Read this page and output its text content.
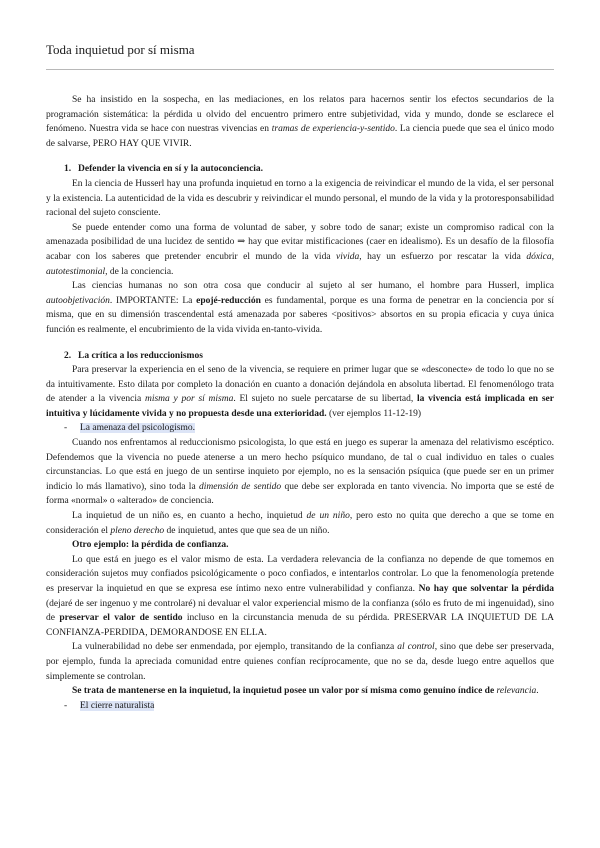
Toda inquietud por sí misma

Se ha insistido en la sospecha, en las mediaciones, en los relatos para hacernos sentir los efectos secundarios de la programación sistemática: la pérdida u olvido del encuentro primero entre subjetividad, vida y mundo, donde se esclarece el fenómeno. Nuestra vida se hace con nuestras vivencias en tramas de experiencia-y-sentido. La ciencia puede que sea el único modo de salvarse, PERO HAY QUE VIVIR.

1. Defender la vivencia en sí y la autoconciencia.

En la ciencia de Husserl hay una profunda inquietud en torno a la exigencia de reivindicar el mundo de la vida, el ser personal y la existencia. La autenticidad de la vida es descubrir y reivindicar el mundo personal, el mundo de la vida y la protoresponsabilidad racional del sujeto consciente.

Se puede entender como una forma de voluntad de saber, y sobre todo de sanar; existe un compromiso radical con la amenazada posibilidad de una lucidez de sentido ⇒ hay que evitar mistificaciones (caer en idealismo). Es un desafío de la filosofía acabar con los saberes que pretender encubrir el mundo de la vida vivida, hay un esfuerzo por rescatar la vida dóxica, autotestimonial, de la conciencia.

Las ciencias humanas no son otra cosa que conducir al sujeto al ser humano, el hombre para Husserl, implica autoobjetivación. IMPORTANTE: La epojé-reducción es fundamental, porque es una forma de penetrar en la conciencia por sí misma, que en su dimensión trascendental está amenazada por saberes <positivos> absortos en su propia eficacia y cuya única función es realmente, el encubrimiento de la vida vivida en-tanto-vivida.

2. La crítica a los reduccionismos

Para preservar la experiencia en el seno de la vivencia, se requiere en primer lugar que se «desconecte» de todo lo que no se da intuitivamente. Esto dilata por completo la donación en cuanto a donación dejándola en absoluta libertad. El fenomenólogo trata de atender a la vivencia misma y por sí misma. El sujeto no suele percatarse de su libertad, la vivencia está implicada en ser intuitiva y lúcidamente vivida y no propuesta desde una exterioridad. (ver ejemplos 11-12-19)

- La amenaza del psicologismo.

Cuando nos enfrentamos al reduccionismo psicologista, lo que está en juego es superar la amenaza del relativismo escéptico. Defendemos que la vivencia no puede atenerse a un mero hecho psíquico mundano, de tal o cual individuo en tales o cuales circunstancias. Lo que está en juego de un sentirse inquieto por ejemplo, no es la sensación psíquica (que puede ser en un primer indicio lo más llamativo), sino toda la dimensión de sentido que debe ser explorada en tanto vivencia. No importa que se esté de forma «normal» o «alterado» de conciencia.

La inquietud de un niño es, en cuanto a hecho, inquietud de un niño, pero esto no quita que derecho a que se tome en consideración el pleno derecho de inquietud, antes que que sea de un niño.

Otro ejemplo: la pérdida de confianza.

Lo que está en juego es el valor mismo de esta. La verdadera relevancia de la confianza no depende de que tomemos en consideración sujetos muy confiados psicológicamente o poco confiados, e intentarlos controlar. Lo que la fenomenología pretende es preservar la inquietud en que se expresa ese íntimo nexo entre vulnerabilidad y confianza. No hay que solventar la pérdida (dejaré de ser ingenuo y me controlaré) ni devaluar el valor experiencial mismo de la confianza (sólo es fruto de mi ingenuidad), sino de preservar el valor de sentido incluso en la circunstancia menuda de su pérdida. PRESERVAR LA INQUIETUD DE LA CONFIANZA-PERDIDA, DEMORANDOSE EN ELLA.

La vulnerabilidad no debe ser enmendada, por ejemplo, transitando de la confianza al control, sino que debe ser preservada, por ejemplo, funda la apreciada comunidad entre quienes confían recíprocamente, que no se da, desde luego entre aquellos que simplemente se controlan.

Se trata de mantenerse en la inquietud, la inquietud posee un valor por sí misma como genuino índice de relevancia.

- El cierre naturalista
